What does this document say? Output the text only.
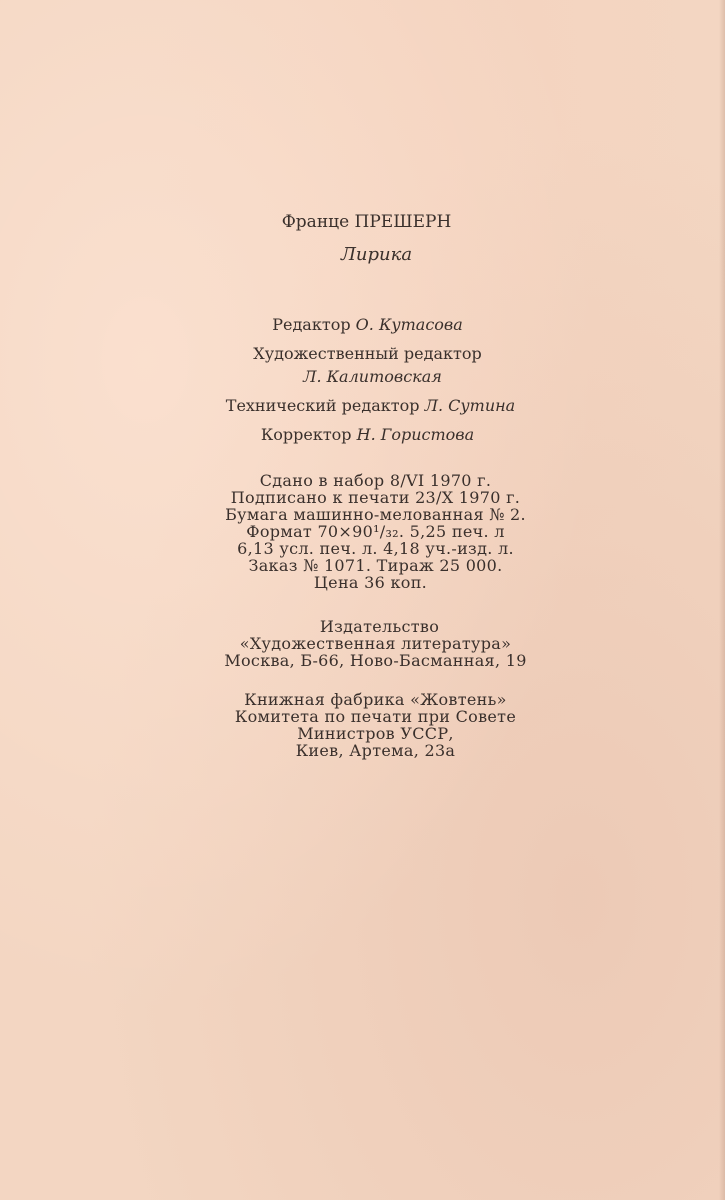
Франце ПРЕШЕРН
Лирика
Редактор О. Кутасова
Художественный редактор
Л. Калитовская
Технический редактор Л. Сутина
Корректор Н. Гористова
Сдано в набор 8/VI 1970 г.
Подписано к печати 23/X 1970 г.
Бумага машинно-мелованная № 2.
Формат 70×90¹/₃₂. 5,25 печ. л
6,13 усл. печ. л. 4,18 уч.-изд. л.
Заказ № 1071. Тираж 25 000.
Цена 36 коп.
Издательство
«Художественная литература»
Москва, Б-66, Ново-Басманная, 19
Книжная фабрика «Жовтень»
Комитета по печати при Совете
Министров УССР,
Киев, Артема, 23а
